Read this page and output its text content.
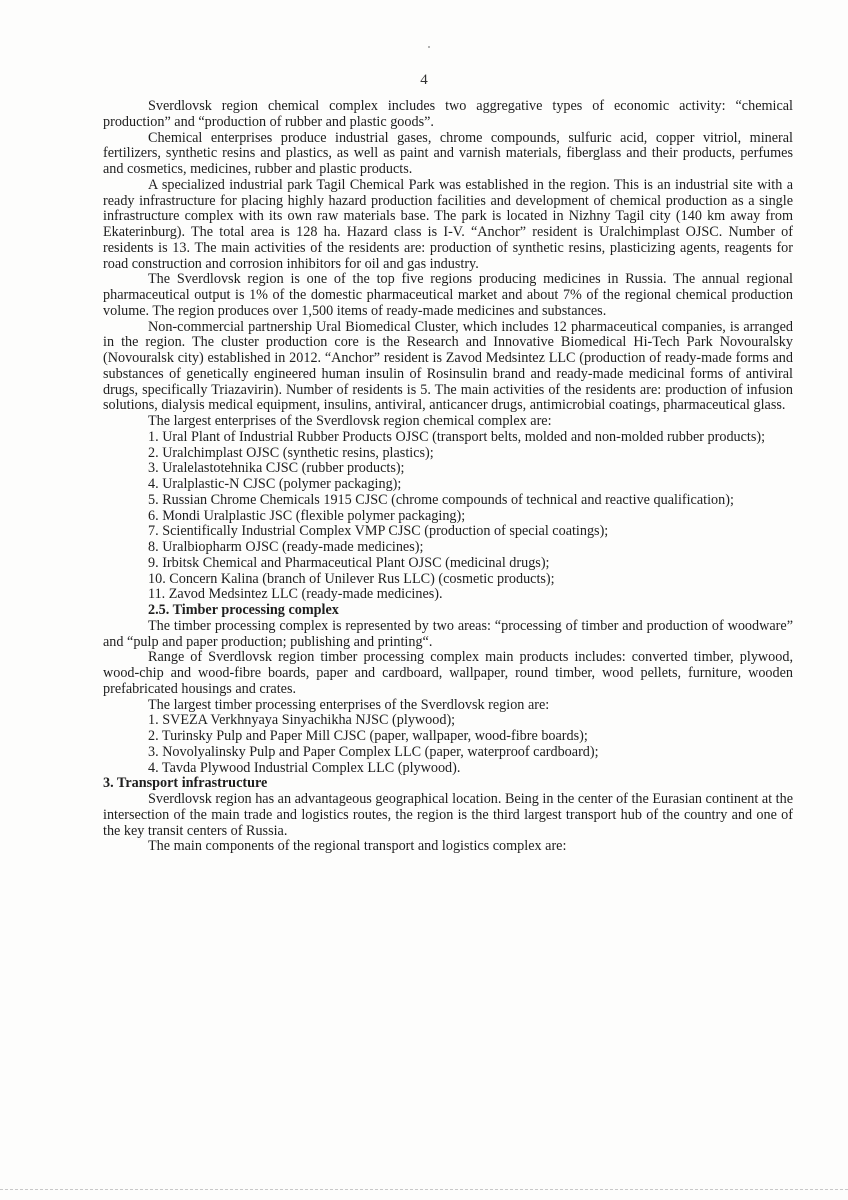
4

Sverdlovsk region chemical complex includes two aggregative types of economic activity: “chemical production” and “production of rubber and plastic goods”.

Chemical enterprises produce industrial gases, chrome compounds, sulfuric acid, copper vitriol, mineral fertilizers, synthetic resins and plastics, as well as paint and varnish materials, fiberglass and their products, perfumes and cosmetics, medicines, rubber and plastic products.

A specialized industrial park Tagil Chemical Park was established in the region. This is an industrial site with a ready infrastructure for placing highly hazard production facilities and development of chemical production as a single infrastructure complex with its own raw materials base. The park is located in Nizhny Tagil city (140 km away from Ekaterinburg). The total area is 128 ha. Hazard class is I-V. “Anchor” resident is Uralchimplast OJSC. Number of residents is 13. The main activities of the residents are: production of synthetic resins, plasticizing agents, reagents for road construction and corrosion inhibitors for oil and gas industry.

The Sverdlovsk region is one of the top five regions producing medicines in Russia. The annual regional pharmaceutical output is 1% of the domestic pharmaceutical market and about 7% of the regional chemical production volume. The region produces over 1,500 items of ready-made medicines and substances.

Non-commercial partnership Ural Biomedical Cluster, which includes 12 pharmaceutical companies, is arranged in the region. The cluster production core is the Research and Innovative Biomedical Hi-Tech Park Novouralsky (Novouralsk city) established in 2012. “Anchor” resident is Zavod Medsintez LLC (production of ready-made forms and substances of genetically engineered human insulin of Rosinsulin brand and ready-made medicinal forms of antiviral drugs, specifically Triazavirin). Number of residents is 5. The main activities of the residents are: production of infusion solutions, dialysis medical equipment, insulins, antiviral, anticancer drugs, antimicrobial coatings, pharmaceutical glass.

The largest enterprises of the Sverdlovsk region chemical complex are:

1. Ural Plant of Industrial Rubber Products OJSC (transport belts, molded and non-molded rubber products);

2. Uralchimplast OJSC (synthetic resins, plastics);

3. Uralelastotehnika CJSC (rubber products);

4. Uralplastic-N CJSC (polymer packaging);

5. Russian Chrome Chemicals 1915 CJSC (chrome compounds of technical and reactive qualification);

6. Mondi Uralplastic JSC (flexible polymer packaging);

7. Scientifically Industrial Complex VMP CJSC (production of special coatings);

8. Uralbiopharm OJSC (ready-made medicines);

9. Irbitsk Chemical and Pharmaceutical Plant OJSC (medicinal drugs);

10. Concern Kalina (branch of Unilever Rus LLC) (cosmetic products);

11. Zavod Medsintez LLC (ready-made medicines).

2.5. Timber processing complex

The timber processing complex is represented by two areas: “processing of timber and production of woodware” and “pulp and paper production; publishing and printing“.

Range of Sverdlovsk region timber processing complex main products includes: converted timber, plywood, wood-chip and wood-fibre boards, paper and cardboard, wallpaper, round timber, wood pellets, furniture, wooden prefabricated housings and crates.

The largest timber processing enterprises of the Sverdlovsk region are:

1. SVEZA Verkhnyaya Sinyachikha NJSC (plywood);

2. Turinsky Pulp and Paper Mill CJSC (paper, wallpaper, wood-fibre boards);

3. Novolyalinsky Pulp and Paper Complex LLC (paper, waterproof cardboard);

4. Tavda Plywood Industrial Complex LLC (plywood).

3. Transport infrastructure

Sverdlovsk region has an advantageous geographical location. Being in the center of the Eurasian continent at the intersection of the main trade and logistics routes, the region is the third largest transport hub of the country and one of the key transit centers of Russia.

The main components of the regional transport and logistics complex are:
